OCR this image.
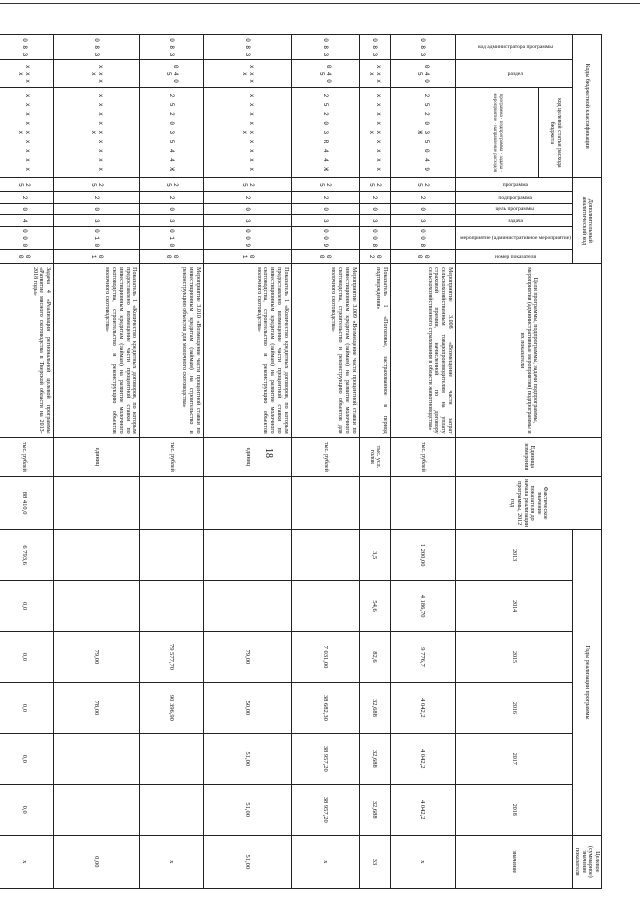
18
Коды бюджетной классификации			Дополнительный аналитический код						Цели программы, подпрограммы, задачи подпрограммы, мероприятия (административные мероприятия) подпрограммы и их показатели	Единица измерения	Фактическое значение показателя до начала реализации программы, 2012 год	Годы реализации программы						Целевое (суммарное) значение показателя
код администратора программы	раздел	код целевой статьи расхода бюджета	программа	подпрограмма	цель программы	задача	мероприятие (административное мероприятие)	номер показателя				2013	2014	2015	2016	2017	2018	значение
		программа · подпрограмма · задача · мероприятие · направление расходов																
0 8 3	0 4 0 5	2 5 2 0 3 5 0 4 9 Ж	2 5	2	0	3	0 0 8	0 0	Мероприятие 3.008 «Возмещение части затрат сельскохозяйственным товаропроизводителям на уплату страховой премии, начисленной по договору сельскохозяйственного страхования в области животноводства»	тыс. рублей		1 200,00	4 186,70	9 776,7	4 042,2	4 042,2	4 042,2	x
0 8 3	x x x x	x x x x x x x x x x	2 5	2	0	3	0 0 8	0 2	Показатель 1 «Поголовье, застрахованное в период подтверждения»	тыс. усл. голов		3,5	54,6	82,6	32,688	32,688	32,688	33
0 8 3	0 4 0 5	2 5 2 0 3 R 4 4 Ж	2 5	2	0	3	0 0 9	0 0	Мероприятие 3.009 «Возмещение части процентной ставки по инвестиционным кредитам (займам) на развитие молочного скотоводства, строительство и реконструкцию объектов для молочного скотоводства»	тыс. рублей				7 031,00	38 682,30	38 957,20	38 957,20	x
0 8 3	x x x x	x x x x x x x x x x	2 5	2	0	3	0 0 9	0 1	Показатель 1 «Количество кредитных договоров, по которым предоставлено возмещение части процентной ставки по инвестиционным кредитам (займам) на развитие молочного скотоводства, строительство и реконструкцию объектов молочного скотоводства»	единиц				79,00	50,00	51,00	51,00	51,00
0 8 3	0 4 0 5	2 5 2 0 3 5 4 4 Ж	2 5	2	0	3	0 1 0	0 0	Мероприятие 3.010 «Возмещение части процентной ставки по инвестиционным кредитам (займам) на строительство и реконструкцию объектов для молочного скотоводства»	тыс. рублей				79 577,70	90 396,90			x
0 8 3	x x x x	x x x x x x x x x x	2 5	2	0	3	0 1 0	0 1	Показатель 1 «Количество кредитных договоров, по которым предоставлено возмещение части процентной ставки по инвестиционным кредитам (займам) на развитие молочного скотоводства, строительство и реконструкцию объектов молочного скотоводства»	единиц				79,00	78,00			0,00
0 8 3	x x x x	x x x x x x x x x x	2 5	2	0	4	0 0 0	0 0	Задача 4 «Реализация региональной целевой программы «Развитие мясного скотоводства в Тверской области на 2013-2018 годы»	тыс. рублей	88 410,0	6 793,6	0,0	0,0	0,0	0,0	0,0	x
